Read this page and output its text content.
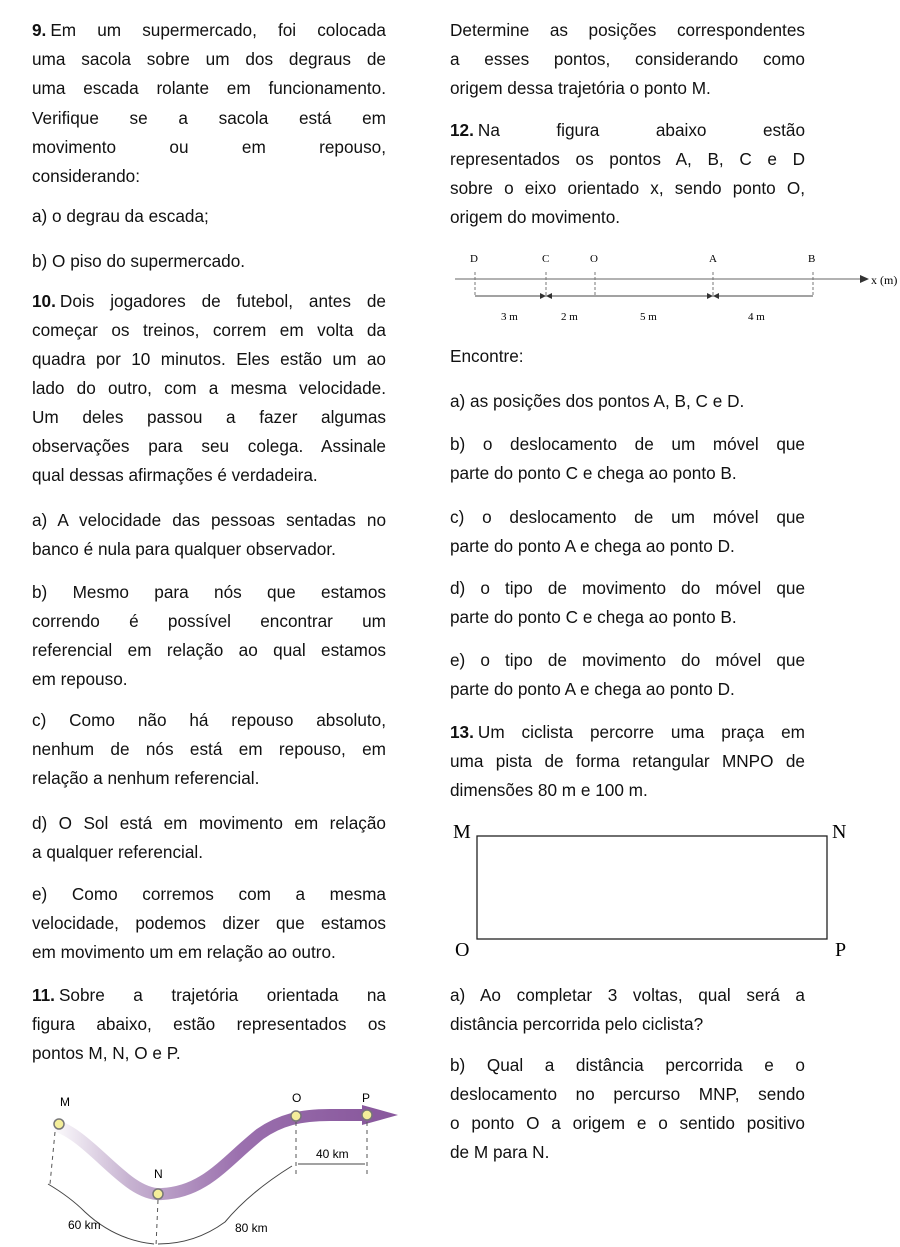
9. Em um supermercado, foi colocada
uma sacola sobre um dos degraus de
uma escada rolante em funcionamento.
Verifique se a sacola está em
movimento ou em repouso,
considerando:
a) o degrau da escada;
b) O piso do supermercado.
10. Dois jogadores de futebol, antes de
começar os treinos, correm em volta da
quadra por 10 minutos. Eles estão um ao
lado do outro, com a mesma velocidade.
Um deles passou a fazer algumas
observações para seu colega. Assinale
qual dessas afirmações é verdadeira.
a) A velocidade das pessoas sentadas no
banco é nula para qualquer observador.
b) Mesmo para nós que estamos
correndo é possível encontrar um
referencial em relação ao qual estamos
em repouso.
c) Como não há repouso absoluto,
nenhum de nós está em repouso, em
relação a nenhum referencial.
d) O Sol está em movimento em relação
a qualquer referencial.
e) Como corremos com a mesma
velocidade, podemos dizer que estamos
em movimento um em relação ao outro.
11. Sobre a trajetória orientada na
figura abaixo, estão representados os
pontos M, N, O e P.
M
N
O	P
60 km	80 km
40 km
Determine as posições correspondentes
a esses pontos, considerando como
origem dessa trajetória o ponto M.
12. Na figura abaixo estão
representados os pontos A, B, C e D
sobre o eixo orientado x, sendo ponto O,
origem do movimento.
x (m)
D	C	O	A	B
3 m	2 m	5 m	4 m
Encontre:
a) as posições dos pontos A, B, C e D.
b) o deslocamento de um móvel que
parte do ponto C e chega ao ponto B.
c) o deslocamento de um móvel que
parte do ponto A e chega ao ponto D.
d) o tipo de movimento do móvel que
parte do ponto C e chega ao ponto B.
e) o tipo de movimento do móvel que
parte do ponto A e chega ao ponto D.
13. Um ciclista percorre uma praça em
uma pista de forma retangular MNPO de
dimensões 80 m e 100 m.
M	N
O	P
a) Ao completar 3 voltas, qual será a
distância percorrida pelo ciclista?
b) Qual a distância percorrida e o
deslocamento no percurso MNP, sendo
o ponto O a origem e o sentido positivo
de M para N.
